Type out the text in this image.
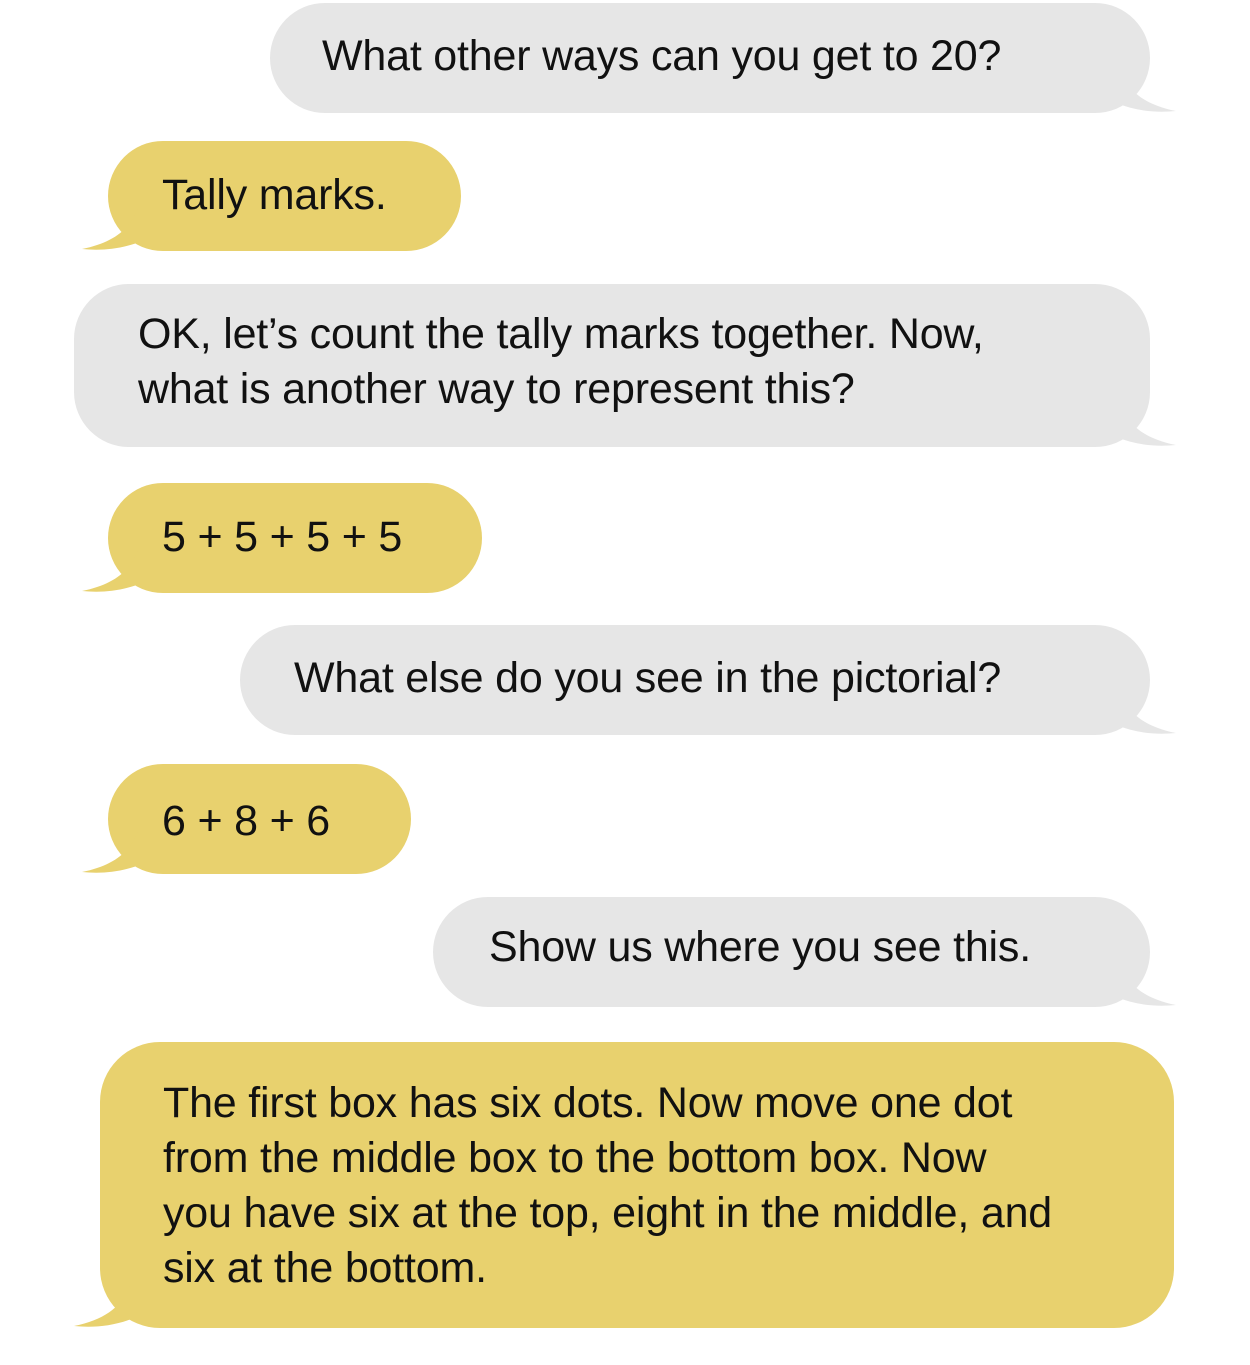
What other ways can you get to 20?
Tally marks.
OK, let’s count the tally marks together. Now,
what is another way to represent this?
5 + 5 + 5 + 5
What else do you see in the pictorial?
6 + 8 + 6
Show us where you see this.
The first box has six dots. Now move one dot
from the middle box to the bottom box. Now
you have six at the top, eight in the middle, and
six at the bottom.
